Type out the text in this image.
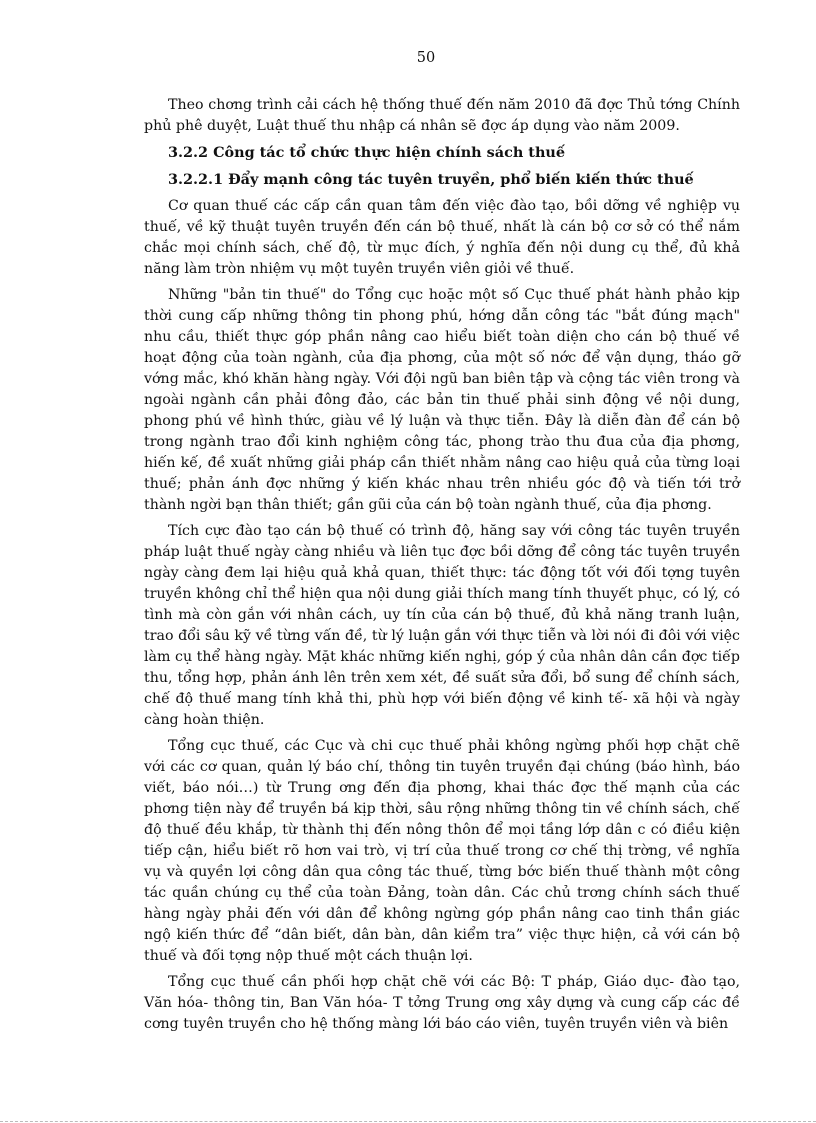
50

Theo chơng trình cải cách hệ thống thuế đến năm 2010 đã đợc Thủ tớng Chính phủ phê duyệt, Luật thuế thu nhập cá nhân sẽ đợc áp dụng vào năm 2009.

3.2.2 Công tác tổ chức thực hiện chính sách thuế

3.2.2.1 Đẩy mạnh công tác tuyên truyền, phổ biến kiến thức thuế

Cơ quan thuế các cấp cần quan tâm đến việc đào tạo, bồi dỡng về nghiệp vụ thuế, về kỹ thuật tuyên truyền đến cán bộ thuế, nhất là cán bộ cơ sở có thể nắm chắc mọi chính sách, chế độ, từ mục đích, ý nghĩa đến nội dung cụ thể, đủ khả năng làm tròn nhiệm vụ một tuyên truyền viên giỏi về thuế.

Những "bản tin thuế" do Tổng cục hoặc một số Cục thuế phát hành phảo kịp thời cung cấp những thông tin phong phú, hớng dẫn công tác "bắt đúng mạch" nhu cầu, thiết thực góp phần nâng cao hiểu biết toàn diện cho cán bộ thuế về hoạt động của toàn ngành, của địa phơng, của một số nớc để vận dụng, tháo gỡ vớng mắc, khó khăn hàng ngày. Với đội ngũ ban biên tập và cộng tác viên trong và ngoài ngành cần phải đông đảo, các bản tin thuế phải sinh động về nội dung, phong phú về hình thức, giàu về lý luận và thực tiễn. Đây là diễn đàn để cán bộ trong ngành trao đổi kinh nghiệm công tác, phong trào thu đua của địa phơng, hiến kế, đề xuất những giải pháp cần thiết nhằm nâng cao hiệu quả của từng loại thuế; phản ánh đợc những ý kiến khác nhau trên nhiều góc độ và tiến tới trở thành ngời bạn thân thiết; gần gũi của cán bộ toàn ngành thuế, của địa phơng.

Tích cực đào tạo cán bộ thuế có trình độ, hăng say với công tác tuyên truyền pháp luật thuế ngày càng nhiều và liên tục đợc bồi dỡng để công tác tuyên truyền ngày càng đem lại hiệu quả khả quan, thiết thực: tác động tốt với đối tợng tuyên truyền không chỉ thể hiện qua nội dung giải thích mang tính thuyết phục, có lý, có tình mà còn gắn với nhân cách, uy tín của cán bộ thuế, đủ khả năng tranh luận, trao đổi sâu kỹ về từng vấn đề, từ lý luận gắn với thực tiễn và lời nói đi đôi với việc làm cụ thể hàng ngày. Mặt khác những kiến nghị, góp ý của nhân dân cần đợc tiếp thu, tổng hợp, phản ánh lên trên xem xét, đề suất sửa đổi, bổ sung để chính sách, chế độ thuế mang tính khả thi, phù hợp với biến động về kinh tế- xã hội và ngày càng hoàn thiện.

Tổng cục thuế, các Cục và chi cục thuế phải không ngừng phối hợp chặt chẽ với các cơ quan, quản lý báo chí, thông tin tuyên truyền đại chúng (báo hình, báo viết, báo nói…) từ Trung ơng đến địa phơng, khai thác đợc thế mạnh của các phơng tiện này để truyền bá kịp thời, sâu rộng những thông tin về chính sách, chế độ thuế đều khắp, từ thành thị đến nông thôn để mọi tầng lớp dân c có điều kiện tiếp cận, hiểu biết rõ hơn vai trò, vị trí của thuế trong cơ chế thị trờng, về nghĩa vụ và quyền lợi công dân qua công tác thuế, từng bớc biến thuế thành một công tác quần chúng cụ thể của toàn Đảng, toàn dân. Các chủ trơng chính sách thuế hàng ngày phải đến với dân để không ngừng góp phần nâng cao tinh thần giác ngộ kiến thức để “dân biết, dân bàn, dân kiểm tra” việc thực hiện, cả với cán bộ thuế và đối tợng nộp thuế một cách thuận lợi.

Tổng cục thuế cần phối hợp chặt chẽ với các Bộ: T pháp, Giáo dục- đào tạo, Văn hóa- thông tin, Ban Văn hóa- T tởng Trung ơng xây dựng và cung cấp các đề cơng tuyên truyền cho hệ thống màng lới báo cáo viên, tuyên truyền viên và biên
